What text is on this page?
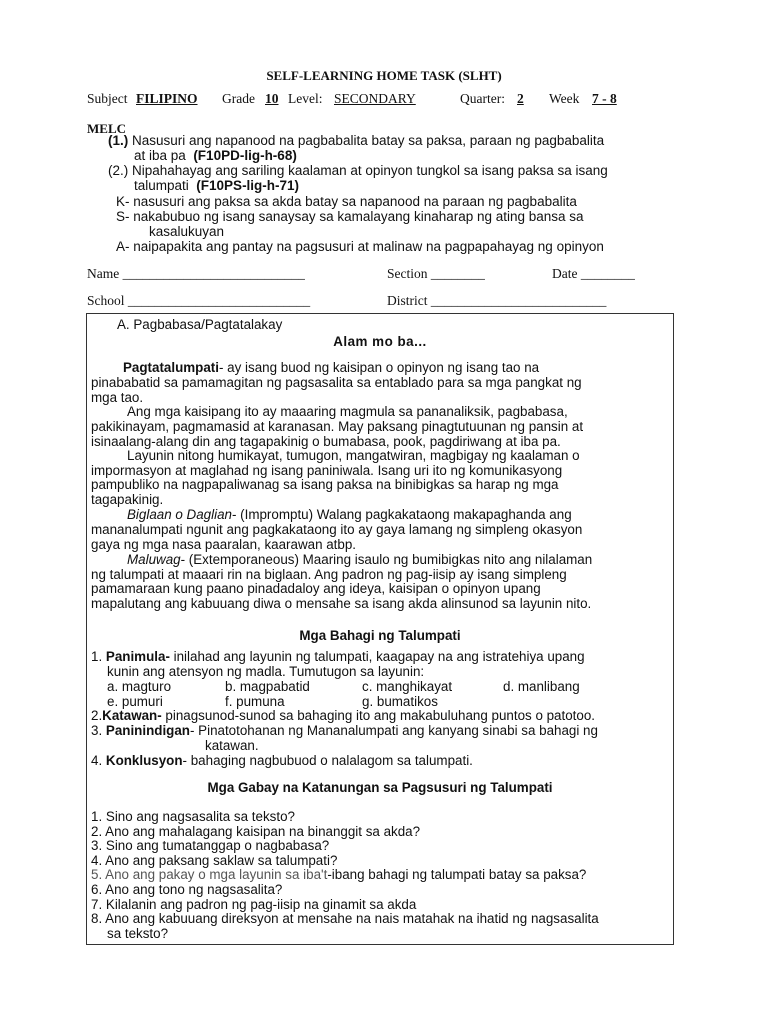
SELF-LEARNING HOME TASK (SLHT)
Subject FILIPINO Grade 10 Level: SECONDARY	Quarter: 2 Week 7 - 8
MELC
(1.) Nasusuri ang napanood na pagbabalita batay sa paksa, paraan ng pagbabalita
at iba pa (F10PD-lig-h-68)
(2.) Nipahahayag ang sariling kaalaman at opinyon tungkol sa isang paksa sa isang
talumpati (F10PS-lig-h-71)
K- nasusuri ang paksa sa akda batay sa napanood na paraan ng pagbabalita
S- nakabubuo ng isang sanaysay sa kamalayang kinaharap ng ating bansa sa
kasalukuyan
A- naipapakita ang pantay na pagsusuri at malinaw na pagpapahayag ng opinyon
Name ___________________________	Section ________	Date ________
School ___________________________	District __________________________
A. Pagbabasa/Pagtatalakay
Alam mo ba...
Pagtatalumpati- ay isang buod ng kaisipan o opinyon ng isang tao na
pinababatid sa pamamagitan ng pagsasalita sa entablado para sa mga pangkat ng
mga tao.
Ang mga kaisipang ito ay maaaring magmula sa pananaliksik, pagbabasa,
pakikinayam, pagmamasid at karanasan. May paksang pinagtutuunan ng pansin at
isinaalang-alang din ang tagapakinig o bumabasa, pook, pagdiriwang at iba pa.
Layunin nitong humikayat, tumugon, mangatwiran, magbigay ng kaalaman o
impormasyon at maglahad ng isang paniniwala. Isang uri ito ng komunikasyong
pampubliko na nagpapaliwanag sa isang paksa na binibigkas sa harap ng mga
tagapakinig.
Biglaan o Daglian- (Impromptu) Walang pagkakataong makapaghanda ang
mananalumpati ngunit ang pagkakataong ito ay gaya lamang ng simpleng okasyon
gaya ng mga nasa paaralan, kaarawan atbp.
Maluwag- (Extemporaneous) Maaring isaulo ng bumibigkas nito ang nilalaman
ng talumpati at maaari rin na biglaan. Ang padron ng pag-iisip ay isang simpleng
pamamaraan kung paano pinadadaloy ang ideya, kaisipan o opinyon upang
mapalutang ang kabuuang diwa o mensahe sa isang akda alinsunod sa layunin nito.
Mga Bahagi ng Talumpati
1. Panimula- inilahad ang layunin ng talumpati, kaagapay na ang istratehiya upang
kunin ang atensyon ng madla. Tumutugon sa layunin:
a. magturo	b. magpabatid	c. manghikayat	d. manlibang
e. pumuri	f. pumuna	g. bumatikos
2.Katawan- pinagsunod-sunod sa bahaging ito ang makabuluhang puntos o patotoo.
3. Paninindigan- Pinatotohanan ng Mananalumpati ang kanyang sinabi sa bahagi ng
katawan.
4. Konklusyon- bahaging nagbubuod o nalalagom sa talumpati.
Mga Gabay na Katanungan sa Pagsusuri ng Talumpati
1. Sino ang nagsasalita sa teksto?
2. Ano ang mahalagang kaisipan na binanggit sa akda?
3. Sino ang tumatanggap o nagbabasa?
4. Ano ang paksang saklaw sa talumpati?
5. Ano ang pakay o mga layunin sa iba't-ibang bahagi ng talumpati batay sa paksa?
6. Ano ang tono ng nagsasalita?
7. Kilalanin ang padron ng pag-iisip na ginamit sa akda
8. Ano ang kabuuang direksyon at mensahe na nais matahak na ihatid ng nagsasalita
sa teksto?
